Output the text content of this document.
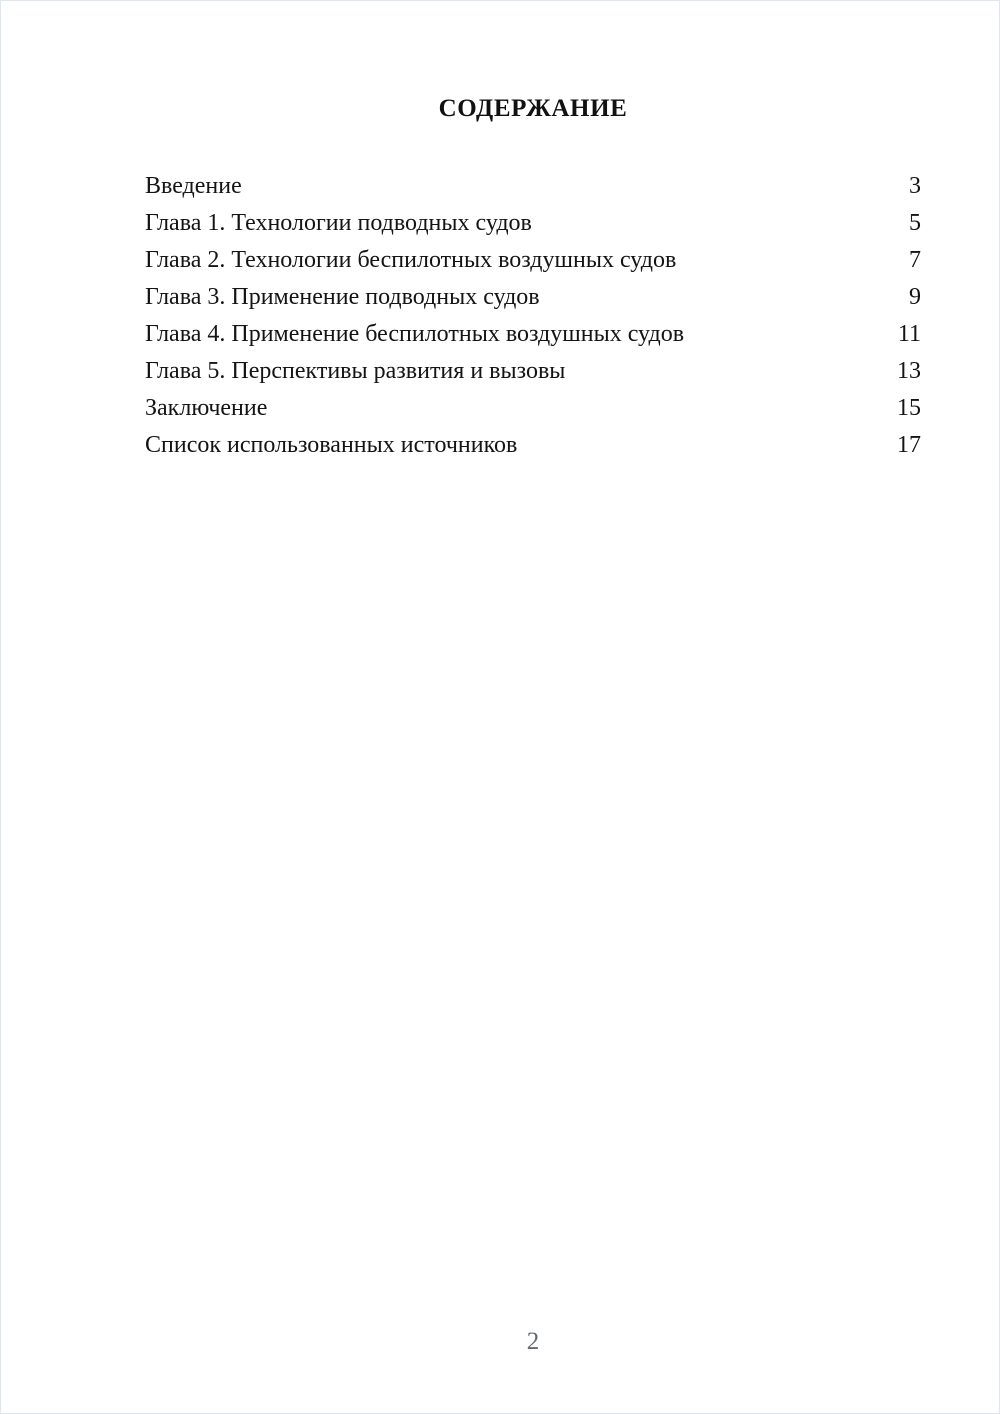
СОДЕРЖАНИЕ
Введение	3
Глава 1. Технологии подводных судов	5
Глава 2. Технологии беспилотных воздушных судов	7
Глава 3. Применение подводных судов	9
Глава 4. Применение беспилотных воздушных судов	11
Глава 5. Перспективы развития и вызовы	13
Заключение	15
Список использованных источников	17
2
